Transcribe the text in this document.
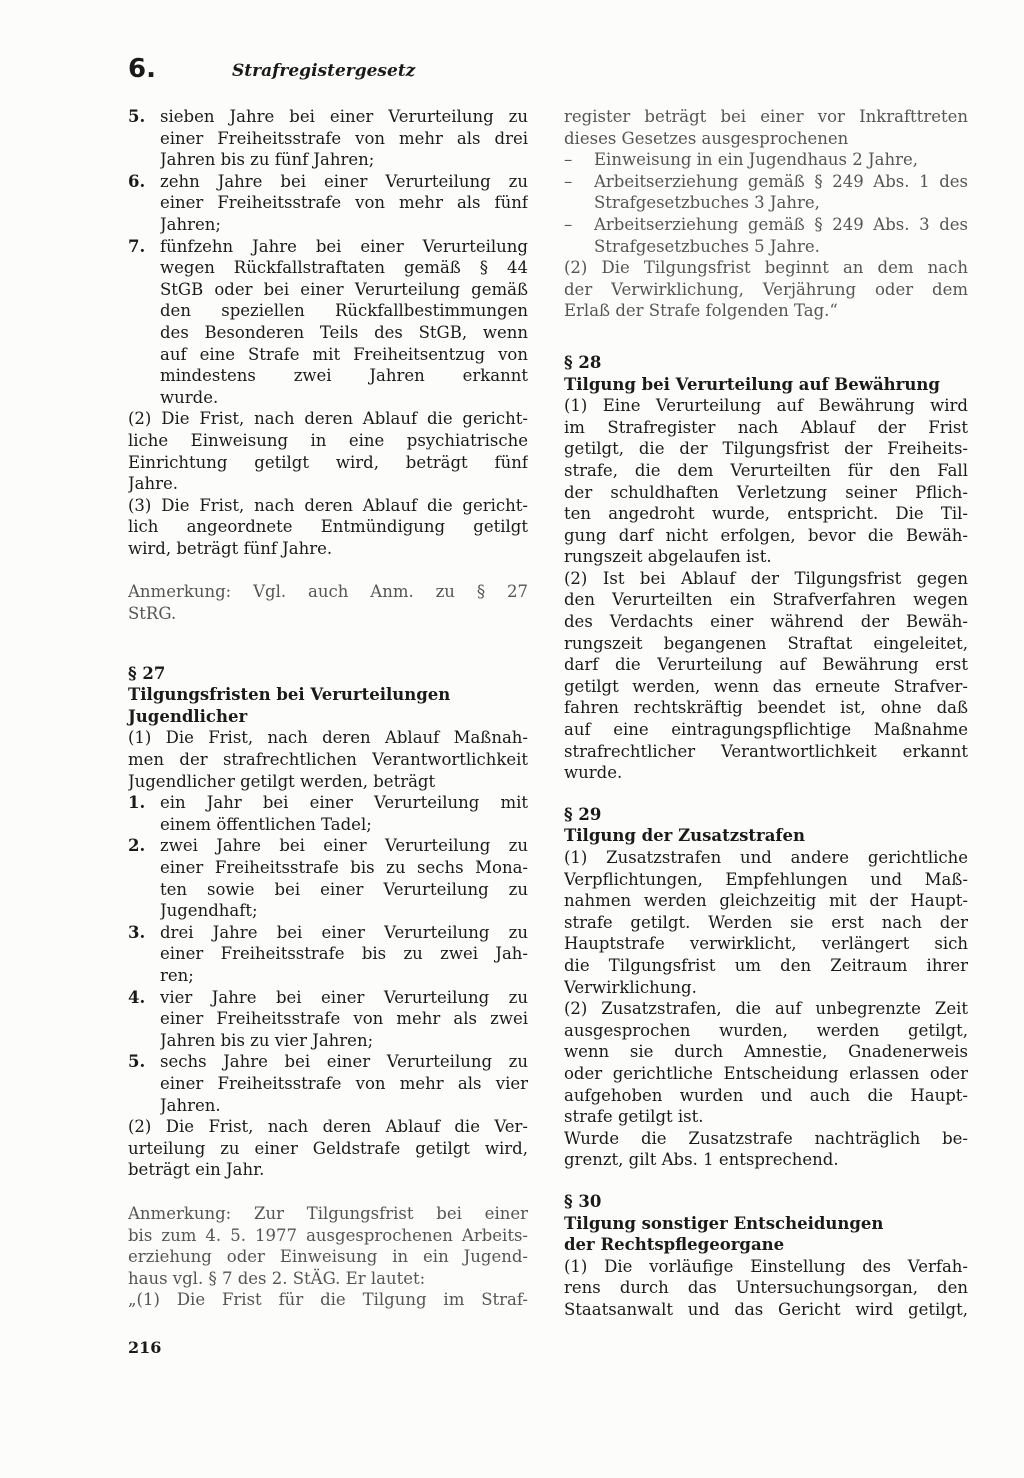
6.	Strafregistergesetz
5. sieben Jahre bei einer Verurteilung zu
einer Freiheitsstrafe von mehr als drei
Jahren bis zu fünf Jahren;
6. zehn Jahre bei einer Verurteilung zu
einer Freiheitsstrafe von mehr als fünf
Jahren;
7. fünfzehn Jahre bei einer Verurteilung
wegen Rückfallstraftaten gemäß § 44
StGB oder bei einer Verurteilung gemäß
den speziellen Rückfallbestimmungen
des Besonderen Teils des StGB, wenn
auf eine Strafe mit Freiheitsentzug von
mindestens zwei Jahren erkannt
wurde.
(2) Die Frist, nach deren Ablauf die gericht-
liche Einweisung in eine psychiatrische
Einrichtung getilgt wird, beträgt fünf
Jahre.
(3) Die Frist, nach deren Ablauf die gericht-
lich angeordnete Entmündigung getilgt
wird, beträgt fünf Jahre.
Anmerkung: Vgl. auch Anm. zu § 27
StRG.
§ 27
Tilgungsfristen bei Verurteilungen
Jugendlicher
(1) Die Frist, nach deren Ablauf Maßnah-
men der strafrechtlichen Verantwortlichkeit
Jugendlicher getilgt werden, beträgt
1. ein Jahr bei einer Verurteilung mit
einem öffentlichen Tadel;
2. zwei Jahre bei einer Verurteilung zu
einer Freiheitsstrafe bis zu sechs Mona-
ten sowie bei einer Verurteilung zu
Jugendhaft;
3. drei Jahre bei einer Verurteilung zu
einer Freiheitsstrafe bis zu zwei Jah-
ren;
4. vier Jahre bei einer Verurteilung zu
einer Freiheitsstrafe von mehr als zwei
Jahren bis zu vier Jahren;
5. sechs Jahre bei einer Verurteilung zu
einer Freiheitsstrafe von mehr als vier
Jahren.
(2) Die Frist, nach deren Ablauf die Ver-
urteilung zu einer Geldstrafe getilgt wird,
beträgt ein Jahr.
Anmerkung: Zur Tilgungsfrist bei einer
bis zum 4. 5. 1977 ausgesprochenen Arbeits-
erziehung oder Einweisung in ein Jugend-
haus vgl. § 7 des 2. StÄG. Er lautet:
„(1) Die Frist für die Tilgung im Straf-
register beträgt bei einer vor Inkrafttreten
dieses Gesetzes ausgesprochenen
–	Einweisung in ein Jugendhaus 2 Jahre,
–	Arbeitserziehung gemäß § 249 Abs. 1 des
Strafgesetzbuches 3 Jahre,
–	Arbeitserziehung gemäß § 249 Abs. 3 des
Strafgesetzbuches 5 Jahre.
(2) Die Tilgungsfrist beginnt an dem nach
der Verwirklichung, Verjährung oder dem
Erlaß der Strafe folgenden Tag.“
§ 28
Tilgung bei Verurteilung auf Bewährung
(1) Eine Verurteilung auf Bewährung wird
im Strafregister nach Ablauf der Frist
getilgt, die der Tilgungsfrist der Freiheits-
strafe, die dem Verurteilten für den Fall
der schuldhaften Verletzung seiner Pflich-
ten angedroht wurde, entspricht. Die Til-
gung darf nicht erfolgen, bevor die Bewäh-
rungszeit abgelaufen ist.
(2) Ist bei Ablauf der Tilgungsfrist gegen
den Verurteilten ein Strafverfahren wegen
des Verdachts einer während der Bewäh-
rungszeit begangenen Straftat eingeleitet,
darf die Verurteilung auf Bewährung erst
getilgt werden, wenn das erneute Strafver-
fahren rechtskräftig beendet ist, ohne daß
auf eine eintragungspflichtige Maßnahme
strafrechtlicher Verantwortlichkeit erkannt
wurde.
§ 29
Tilgung der Zusatzstrafen
(1) Zusatzstrafen und andere gerichtliche
Verpflichtungen, Empfehlungen und Maß-
nahmen werden gleichzeitig mit der Haupt-
strafe getilgt. Werden sie erst nach der
Hauptstrafe verwirklicht, verlängert sich
die Tilgungsfrist um den Zeitraum ihrer
Verwirklichung.
(2) Zusatzstrafen, die auf unbegrenzte Zeit
ausgesprochen wurden, werden getilgt,
wenn sie durch Amnestie, Gnadenerweis
oder gerichtliche Entscheidung erlassen oder
aufgehoben wurden und auch die Haupt-
strafe getilgt ist.
Wurde die Zusatzstrafe nachträglich be-
grenzt, gilt Abs. 1 entsprechend.
§ 30
Tilgung sonstiger Entscheidungen
der Rechtspflegeorgane
(1) Die vorläufige Einstellung des Verfah-
rens durch das Untersuchungsorgan, den
Staatsanwalt und das Gericht wird getilgt,
216
